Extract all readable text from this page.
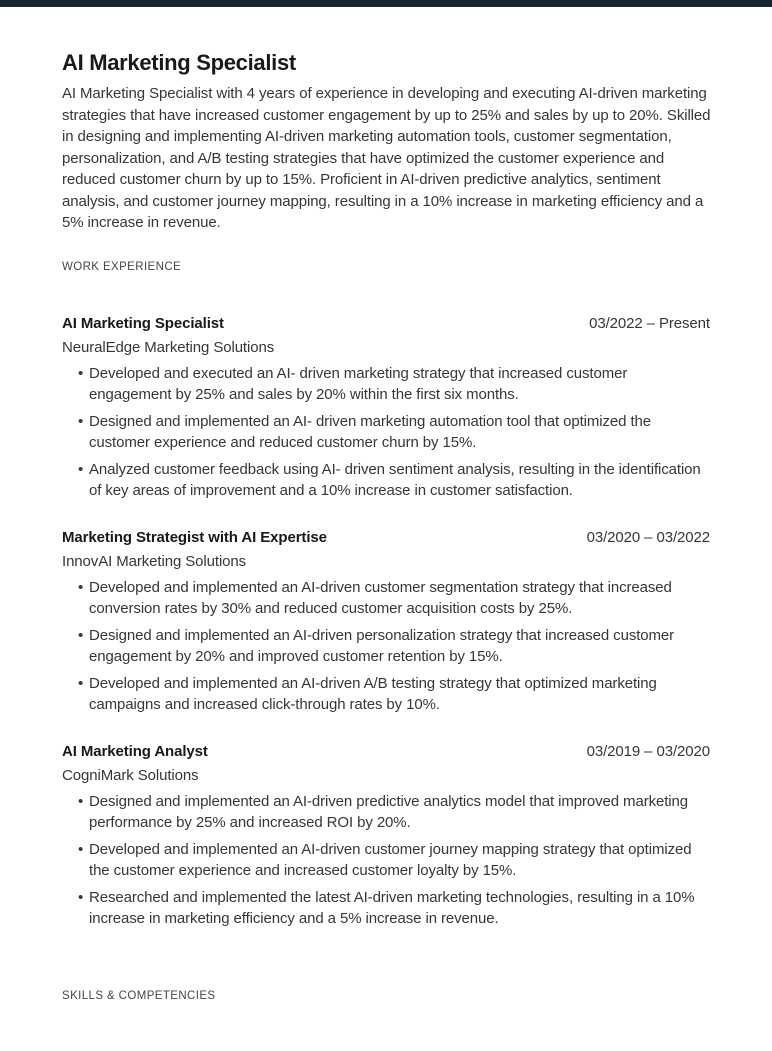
AI Marketing Specialist

AI Marketing Specialist with 4 years of experience in developing and executing AI-driven marketing strategies that have increased customer engagement by up to 25% and sales by up to 20%. Skilled in designing and implementing AI-driven marketing automation tools, customer segmentation, personalization, and A/B testing strategies that have optimized the customer experience and reduced customer churn by up to 15%. Proficient in AI-driven predictive analytics, sentiment analysis, and customer journey mapping, resulting in a 10% increase in marketing efficiency and a 5% increase in revenue.

WORK EXPERIENCE
AI Marketing Specialist	03/2022 – Present
NeuralEdge Marketing Solutions
• Developed and executed an AI- driven marketing strategy that increased customer engagement by 25% and sales by 20% within the first six months.
• Designed and implemented an AI- driven marketing automation tool that optimized the customer experience and reduced customer churn by 15%.
• Analyzed customer feedback using AI- driven sentiment analysis, resulting in the identification of key areas of improvement and a 10% increase in customer satisfaction.
Marketing Strategist with AI Expertise	03/2020 – 03/2022
InnovAI Marketing Solutions
• Developed and implemented an AI-driven customer segmentation strategy that increased conversion rates by 30% and reduced customer acquisition costs by 25%.
• Designed and implemented an AI-driven personalization strategy that increased customer engagement by 20% and improved customer retention by 15%.
• Developed and implemented an AI-driven A/B testing strategy that optimized marketing campaigns and increased click-through rates by 10%.
AI Marketing Analyst	03/2019 – 03/2020
CogniMark Solutions
• Designed and implemented an AI-driven predictive analytics model that improved marketing performance by 25% and increased ROI by 20%.
• Developed and implemented an AI-driven customer journey mapping strategy that optimized the customer experience and increased customer loyalty by 15%.
• Researched and implemented the latest AI-driven marketing technologies, resulting in a 10% increase in marketing efficiency and a 5% increase in revenue.
SKILLS & COMPETENCIES
